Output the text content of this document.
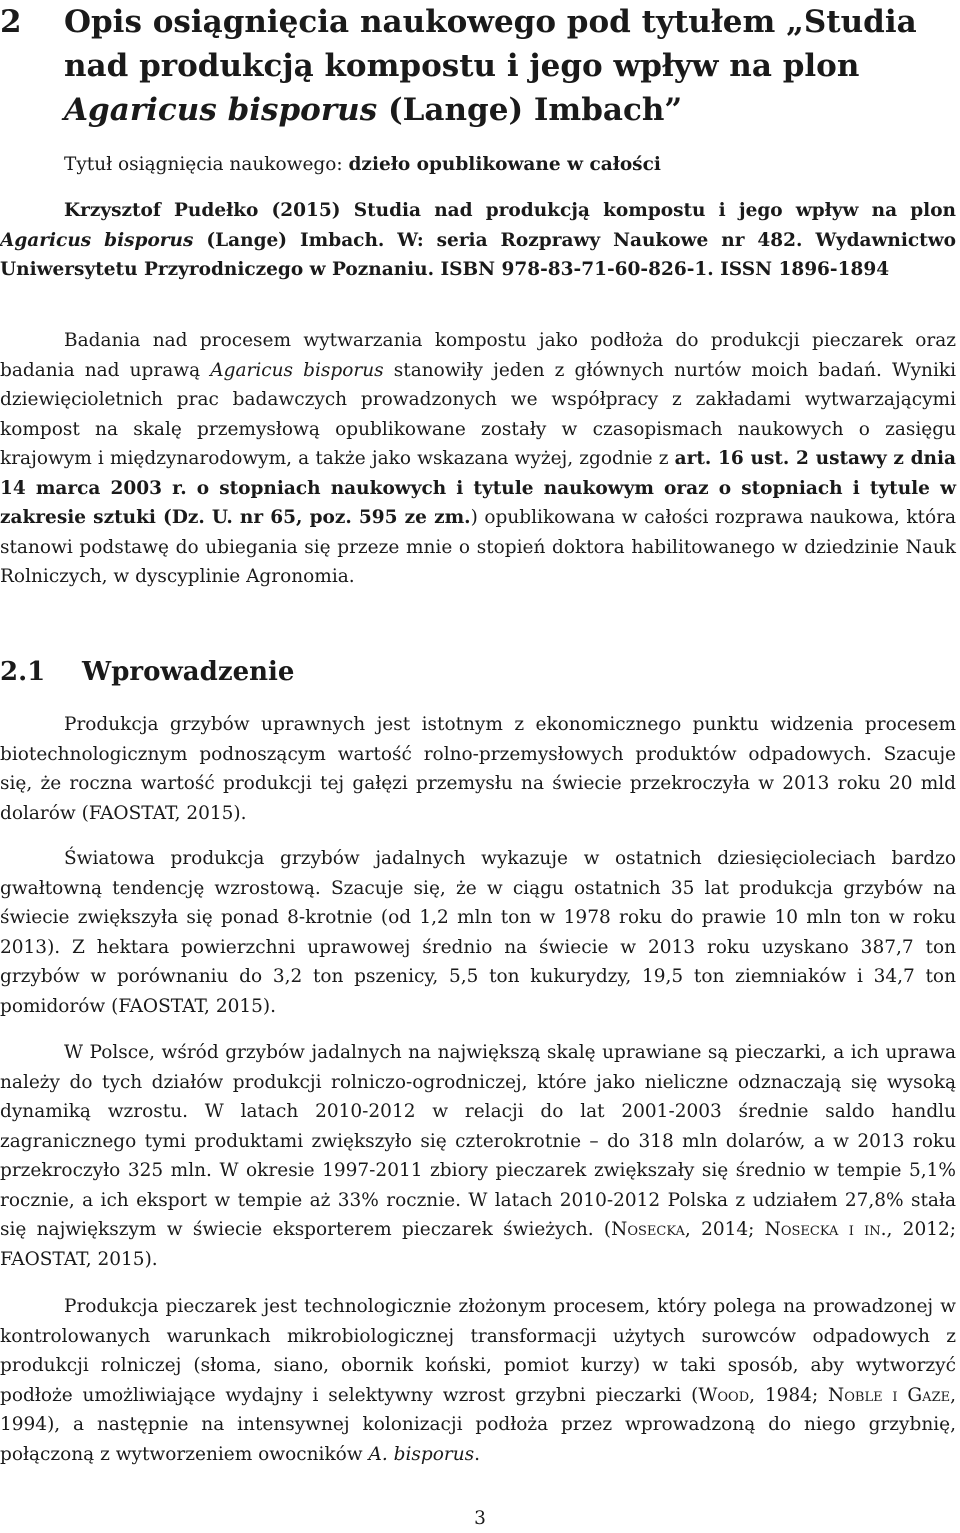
2 Opis osiągnięcia naukowego pod tytułem „Studia nad produkcją kompostu i jego wpływ na plon Agaricus bisporus (Lange) Imbach”
Tytuł osiągnięcia naukowego: dzieło opublikowane w całości
Krzysztof Pudełko (2015) Studia nad produkcją kompostu i jego wpływ na plon Agaricus bisporus (Lange) Imbach. W: seria Rozprawy Naukowe nr 482. Wydawnictwo Uniwersytetu Przyrodniczego w Poznaniu. ISBN 978-83-71-60-826-1. ISSN 1896-1894
Badania nad procesem wytwarzania kompostu jako podłoża do produkcji pieczarek oraz badania nad uprawą Agaricus bisporus stanowiły jeden z głównych nurtów moich badań. Wyniki dziewięcioletnich prac badawczych prowadzonych we współpracy z zakładami wytwarzającymi kompost na skalę przemysłową opublikowane zostały w czasopismach naukowych o zasięgu krajowym i międzynarodowym, a także jako wskazana wyżej, zgodnie z art. 16 ust. 2 ustawy z dnia 14 marca 2003 r. o stopniach naukowych i tytule naukowym oraz o stopniach i tytule w zakresie sztuki (Dz. U. nr 65, poz. 595 ze zm.) opublikowana w całości rozprawa naukowa, która stanowi podstawę do ubiegania się przeze mnie o stopień doktora habilitowanego w dziedzinie Nauk Rolniczych, w dyscyplinie Agronomia.
2.1 Wprowadzenie
Produkcja grzybów uprawnych jest istotnym z ekonomicznego punktu widzenia procesem biotechnologicznym podnoszącym wartość rolno-przemysłowych produktów odpadowych. Szacuje się, że roczna wartość produkcji tej gałęzi przemysłu na świecie przekroczyła w 2013 roku 20 mld dolarów (FAOSTAT, 2015).
Światowa produkcja grzybów jadalnych wykazuje w ostatnich dziesięcioleciach bardzo gwałtowną tendencję wzrostową. Szacuje się, że w ciągu ostatnich 35 lat produkcja grzybów na świecie zwiększyła się ponad 8-krotnie (od 1,2 mln ton w 1978 roku do prawie 10 mln ton w roku 2013). Z hektara powierzchni uprawowej średnio na świecie w 2013 roku uzyskano 387,7 ton grzybów w porównaniu do 3,2 ton pszenicy, 5,5 ton kukurydzy, 19,5 ton ziemniaków i 34,7 ton pomidorów (FAOSTAT, 2015).
W Polsce, wśród grzybów jadalnych na największą skalę uprawiane są pieczarki, a ich uprawa należy do tych działów produkcji rolniczo-ogrodniczej, które jako nieliczne odznaczają się wysoką dynamiką wzrostu. W latach 2010-2012 w relacji do lat 2001-2003 średnie saldo handlu zagranicznego tymi produktami zwiększyło się czterokrotnie – do 318 mln dolarów, a w 2013 roku przekroczyło 325 mln. W okresie 1997-2011 zbiory pieczarek zwiększały się średnio w tempie 5,1% rocznie, a ich eksport w tempie aż 33% rocznie. W latach 2010-2012 Polska z udziałem 27,8% stała się największym w świecie eksporterem pieczarek świeżych. (Nosecka, 2014; Nosecka i in., 2012; FAOSTAT, 2015).
Produkcja pieczarek jest technologicznie złożonym procesem, który polega na prowadzonej w kontrolowanych warunkach mikrobiologicznej transformacji użytych surowców odpadowych z produkcji rolniczej (słoma, siano, obornik koński, pomiot kurzy) w taki sposób, aby wytworzyć podłoże umożliwiające wydajny i selektywny wzrost grzybni pieczarki (Wood, 1984; Noble i Gaze, 1994), a następnie na intensywnej kolonizacji podłoża przez wprowadzoną do niego grzybnię, połączoną z wytworzeniem owocników A. bisporus.
3
